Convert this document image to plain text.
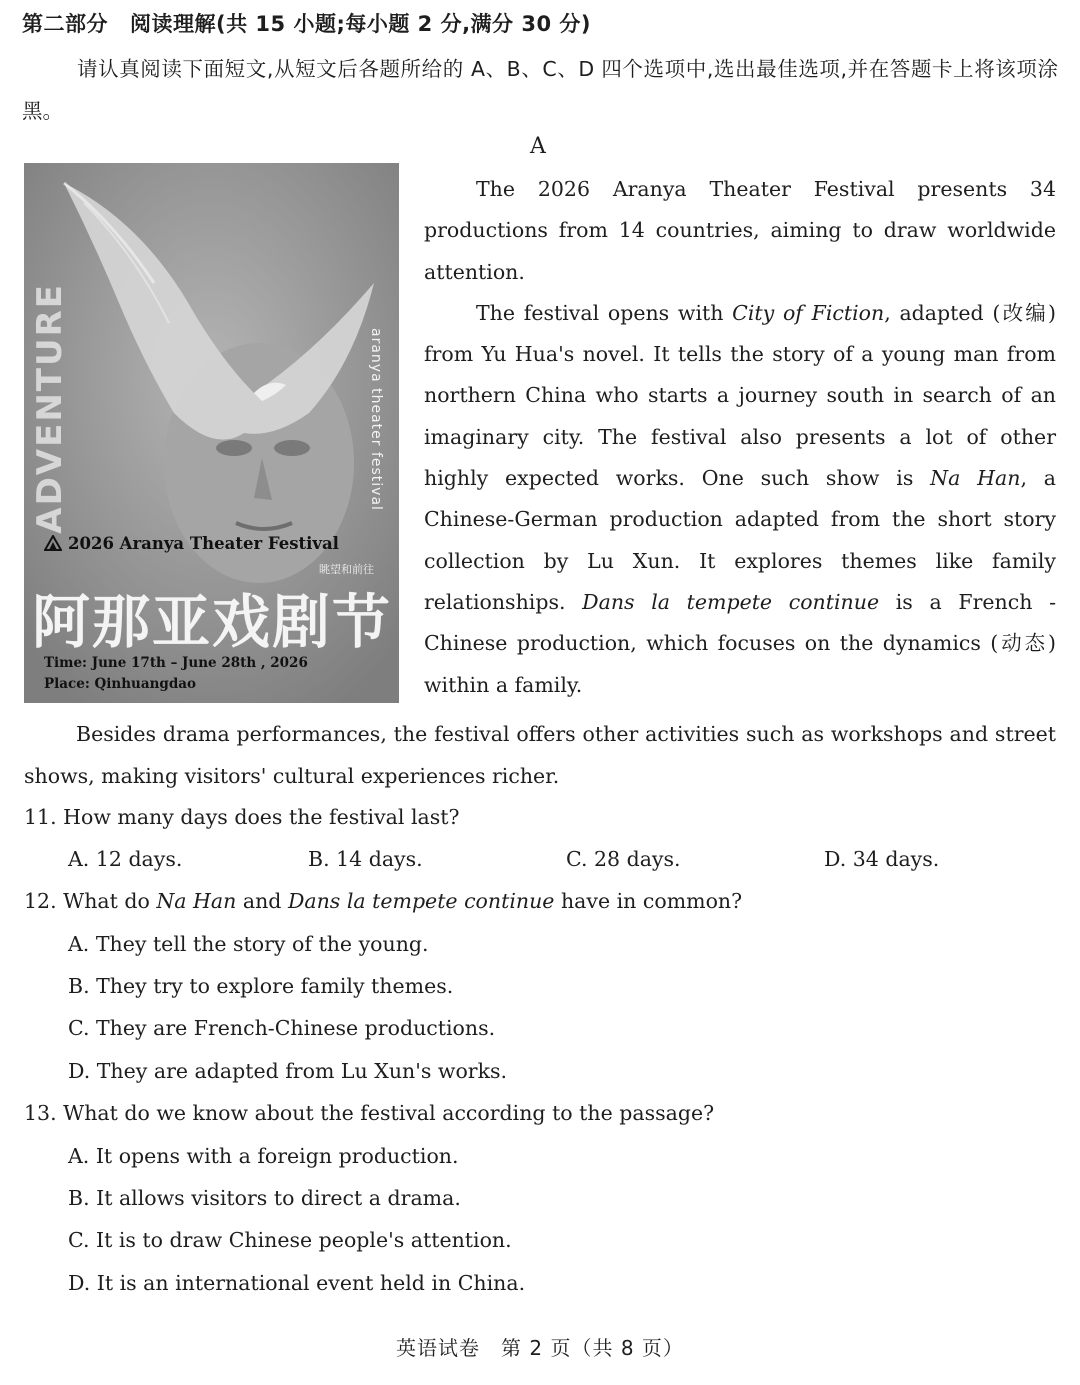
第二部分 阅读理解(共 15 小题;每小题 2 分,满分 30 分)
请认真阅读下面短文,从短文后各题所给的 A、B、C、D 四个选项中,选出最佳选项,并在答题卡上将该项涂黑。
ADVENTURE	aranya theater festival
2026 Aranya Theater Festival
眺望和前往
阿那亚戏剧节
Time: June 17th – June 28th , 2026
Place: Qinhuangdao
A

The 2026 Aranya Theater Festival presents 34 productions from 14 countries, aiming to draw worldwide attention.

The festival opens with City of Fiction, adapted (改编) from Yu Hua's novel. It tells the story of a young man from northern China who starts a journey south in search of an imaginary city. The festival also presents a lot of other highly expected works. One such show is Na Han, a Chinese-German production adapted from the short story collection by Lu Xun. It explores themes like family relationships. Dans la tempete continue is a French - Chinese production, which focuses on the dynamics (动态) within a family.

Besides drama performances, the festival offers other activities such as workshops and street shows, making visitors' cultural experiences richer.

11. How many days does the festival last?
A. 12 days.	B. 14 days.	C. 28 days.	D. 34 days.
12. What do Na Han and Dans la tempete continue have in common?
A. They tell the story of the young.
B. They try to explore family themes.
C. They are French-Chinese productions.
D. They are adapted from Lu Xun's works.
13. What do we know about the festival according to the passage?
A. It opens with a foreign production.
B. It allows visitors to direct a drama.
C. It is to draw Chinese people's attention.
D. It is an international event held in China.
英语试卷　第 2 页（共 8 页）
